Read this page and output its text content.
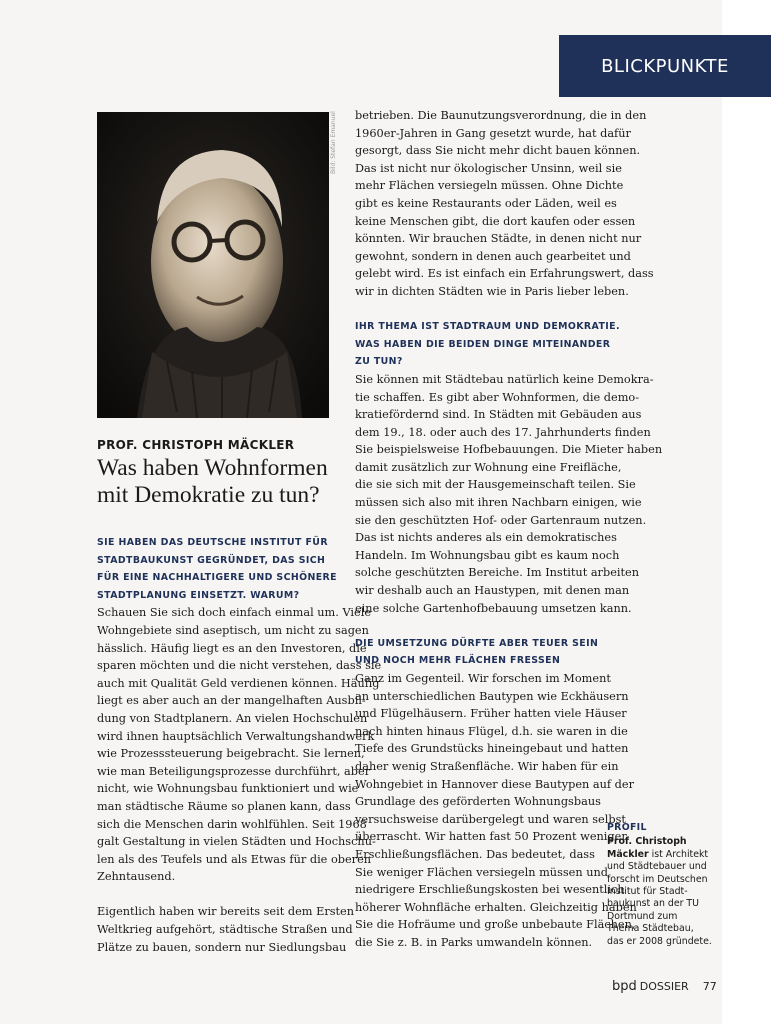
BLICKPUNKTE
Bild: Stefan Emanuel
PROF. CHRISTOPH MÄCKLER
Was haben Wohnformen
mit Demokratie zu tun?

SIE HABEN DAS DEUTSCHE INSTITUT FÜR

STADTBAUKUNST GEGRÜNDET, DAS SICH

FÜR EINE NACHHALTIGERE UND SCHÖNERE

STADTPLANUNG EINSETZT. WARUM?

Schauen Sie sich doch einfach einmal um. Viele

Wohngebiete sind aseptisch, um nicht zu sagen

hässlich. Häufig liegt es an den Investoren, die

sparen möchten und die nicht verstehen, dass sie

auch mit Qualität Geld verdienen können. Häufig

liegt es aber auch an der mangelhaften Ausbil-

dung von Stadtplanern. An vielen Hochschulen

wird ihnen hauptsächlich Verwaltungshandwerk

wie Prozesssteuerung beigebracht. Sie lernen,

wie man Beteiligungsprozesse durchführt, aber

nicht, wie Wohnungsbau funktioniert und wie

man städtische Räume so planen kann, dass

sich die Menschen darin wohlfühlen. Seit 1968

galt Gestaltung in vielen Städten und Hochschu-

len als des Teufels und als Etwas für die oberen

Zehntausend.

Eigentlich haben wir bereits seit dem Ersten

Weltkrieg aufgehört, städtische Straßen und

Plätze zu bauen, sondern nur Siedlungsbau

betrieben. Die Baunutzungsverordnung, die in den

1960er-Jahren in Gang gesetzt wurde, hat dafür

gesorgt, dass Sie nicht mehr dicht bauen können.

Das ist nicht nur ökologischer Unsinn, weil sie

mehr Flächen versiegeln müssen. Ohne Dichte

gibt es keine Restaurants oder Läden, weil es

keine Menschen gibt, die dort kaufen oder essen

könnten. Wir brauchen Städte, in denen nicht nur

gewohnt, sondern in denen auch gearbeitet und

gelebt wird. Es ist einfach ein Erfahrungswert, dass

wir in dichten Städten wie in Paris lieber leben.

IHR THEMA IST STADTRAUM UND DEMOKRATIE.

WAS HABEN DIE BEIDEN DINGE MITEINANDER

ZU TUN?

Sie können mit Städtebau natürlich keine Demokra-

tie schaffen. Es gibt aber Wohnformen, die demo-

kratiefördernd sind. In Städten mit Gebäuden aus

dem 19., 18. oder auch des 17. Jahrhunderts finden

Sie beispielsweise Hofbebauungen. Die Mieter haben

damit zusätzlich zur Wohnung eine Freifläche,

die sie sich mit der Hausgemeinschaft teilen. Sie

müssen sich also mit ihren Nachbarn einigen, wie

sie den geschützten Hof- oder Gartenraum nutzen.

Das ist nichts anderes als ein demokratisches

Handeln. Im Wohnungsbau gibt es kaum noch

solche geschützten Bereiche. Im Institut arbeiten

wir deshalb auch an Haustypen, mit denen man

eine solche Gartenhofbebauung umsetzen kann.

DIE UMSETZUNG DÜRFTE ABER TEUER SEIN

UND NOCH MEHR FLÄCHEN FRESSEN

Ganz im Gegenteil. Wir forschen im Moment

an unterschiedlichen Bautypen wie Eckhäusern

und Flügelhäusern. Früher hatten viele Häuser

nach hinten hinaus Flügel, d.h. sie waren in die

Tiefe des Grundstücks hineingebaut und hatten

daher wenig Straßenfläche. Wir haben für ein

Wohngebiet in Hannover diese Bautypen auf der

Grundlage des geförderten Wohnungsbaus

versuchsweise darübergelegt und waren selbst

überrascht. Wir hatten fast 50 Prozent weniger

Erschließungsflächen. Das bedeutet, dass

Sie weniger Flächen versiegeln müssen und

niedrigere Erschließungskosten bei wesentlich

höherer Wohnfläche erhalten. Gleichzeitig haben

Sie die Hofräume und große unbebaute Flächen,

die Sie z. B. in Parks umwandeln können.

PROFIL

Prof. Christoph

Mäckler ist Architekt

und Städtebauer und

forscht im Deutschen

Institut für Stadt-

baukunst an der TU

Dortmund zum

Thema Städtebau,

das er 2008 gründete.

bpd DOSSIER 77
